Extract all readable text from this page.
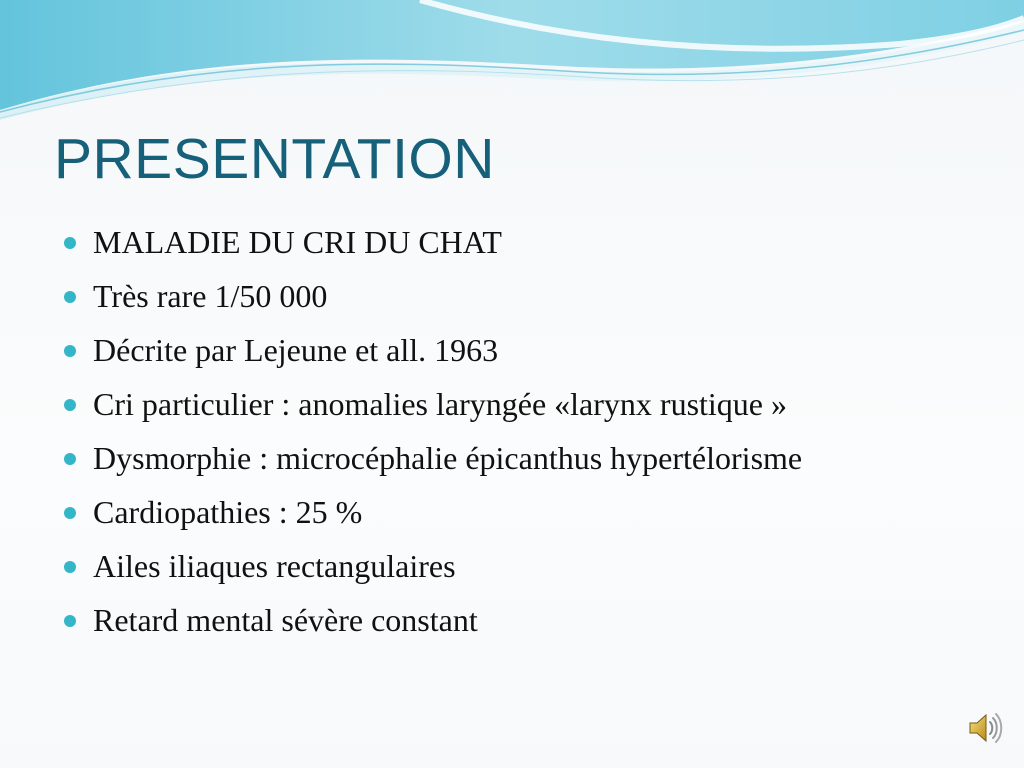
PRESENTATION
MALADIE DU CRI DU CHAT
Très rare 1/50 000
Décrite par Lejeune et all. 1963
Cri particulier : anomalies laryngée «larynx rustique »
Dysmorphie : microcéphalie épicanthus hypertélorisme
Cardiopathies : 25 %
Ailes iliaques rectangulaires
Retard mental sévère constant
